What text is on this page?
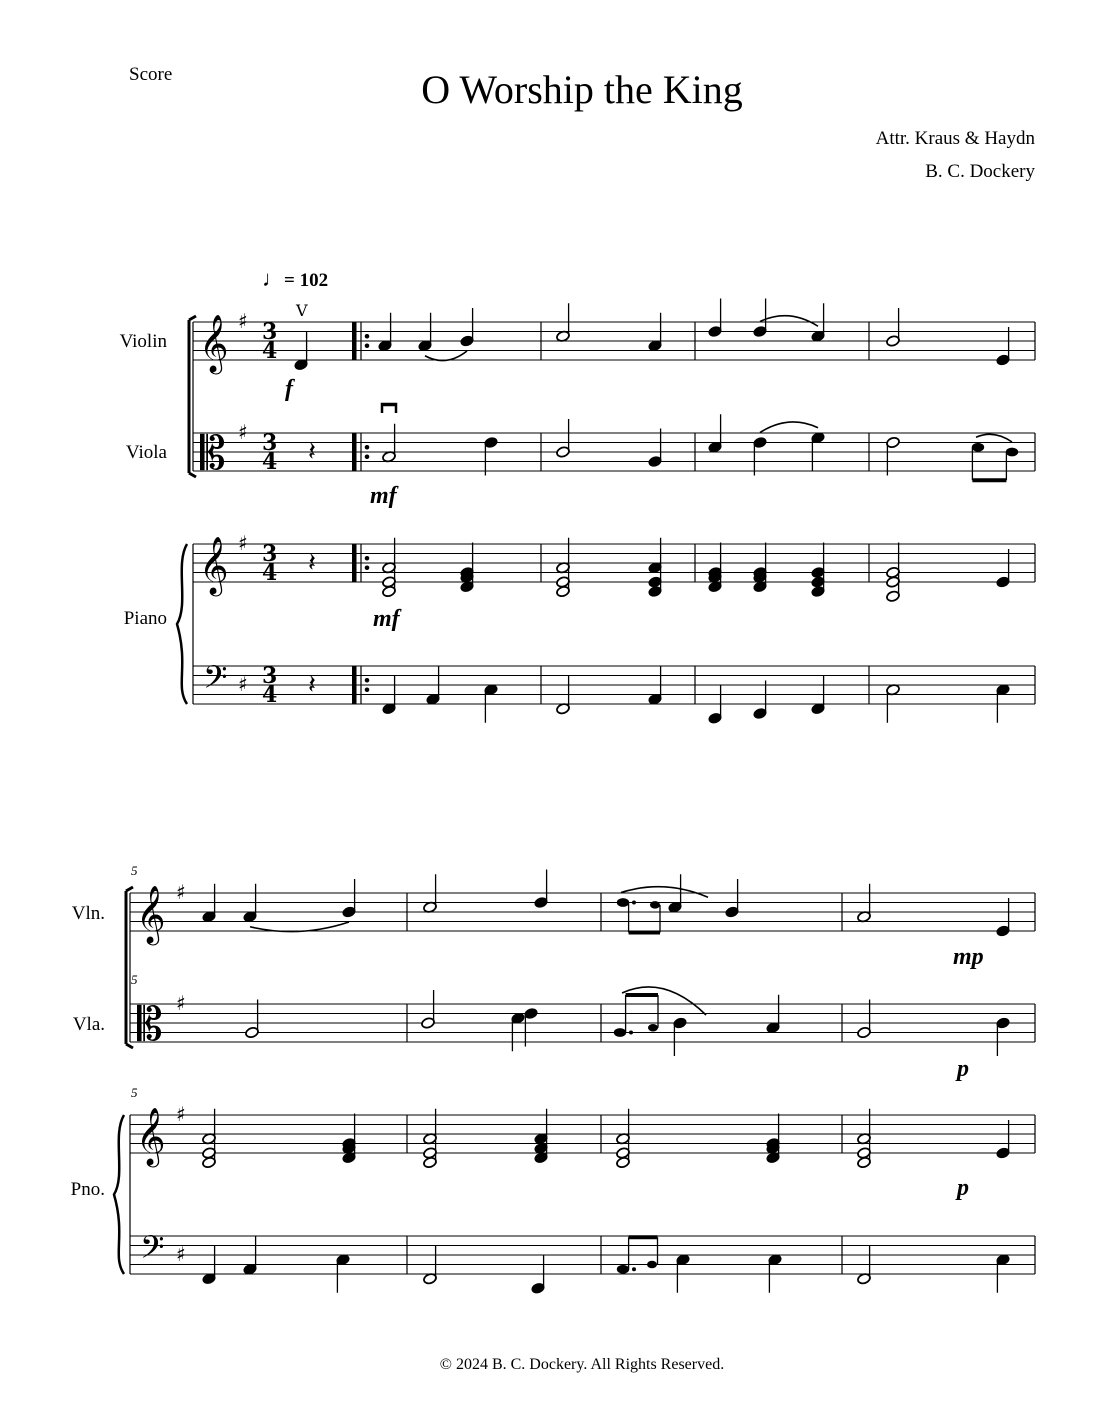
Score	O Worship the King
Attr. Kraus & Haydn
B. C. Dockery
♩= 102
Violin
Viola
Piano
Vln.
Vla.
Pno.
5
5
5
f
mf
mf
mp
p
p
© 2024 B. C. Dockery. All Rights Reserved.
𝄞 ♯ 3
4
𝄡 ♯ 3
4
𝄞 ♯ 3
4
𝄢 ♯ 3
4
V
𝄽
𝄽
𝄽
𝄞 ♯
𝄡 ♯
𝄞 ♯
𝄢 ♯
